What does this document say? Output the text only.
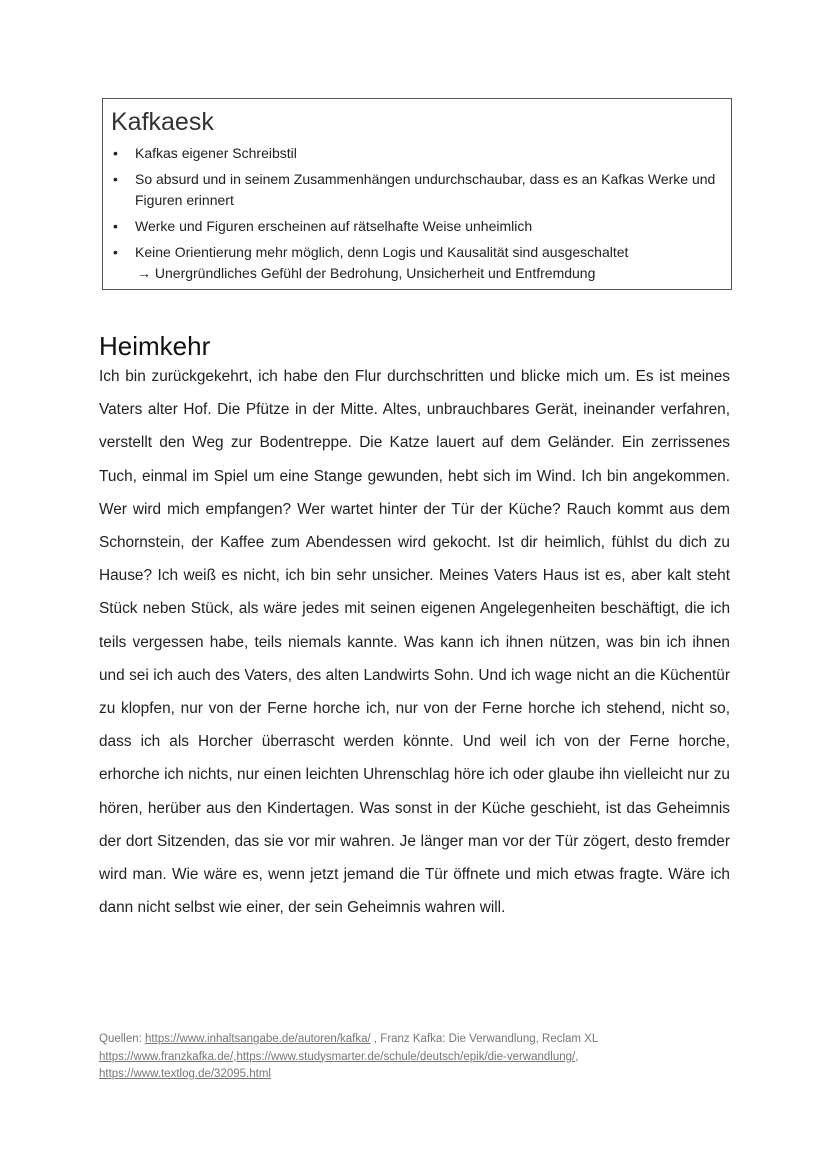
Kafkaesk
• Kafkas eigener Schreibstil
• So absurd und in seinem Zusammenhängen undurchschaubar, dass es an Kafkas Werke und Figuren erinnert
• Werke und Figuren erscheinen auf rätselhafte Weise unheimlich
• Keine Orientierung mehr möglich, denn Logis und Kausalität sind ausgeschaltet
→ Unergründliches Gefühl der Bedrohung, Unsicherheit und Entfremdung
Heimkehr

Ich bin zurückgekehrt, ich habe den Flur durchschritten und blicke mich um. Es ist meines Vaters alter Hof. Die Pfütze in der Mitte. Altes, unbrauchbares Gerät, ineinander verfahren, verstellt den Weg zur Bodentreppe. Die Katze lauert auf dem Geländer. Ein zerrissenes Tuch, einmal im Spiel um eine Stange gewunden, hebt sich im Wind. Ich bin angekommen. Wer wird mich empfangen? Wer wartet hinter der Tür der Küche? Rauch kommt aus dem Schornstein, der Kaffee zum Abendessen wird gekocht. Ist dir heimlich, fühlst du dich zu Hause? Ich weiß es nicht, ich bin sehr unsicher. Meines Vaters Haus ist es, aber kalt steht Stück neben Stück, als wäre jedes mit seinen eigenen Angelegenheiten beschäftigt, die ich teils vergessen habe, teils niemals kannte. Was kann ich ihnen nützen, was bin ich ihnen und sei ich auch des Vaters, des alten Landwirts Sohn. Und ich wage nicht an die Küchentür zu klopfen, nur von der Ferne horche ich, nur von der Ferne horche ich stehend, nicht so, dass ich als Horcher überrascht werden könnte. Und weil ich von der Ferne horche, erhorche ich nichts, nur einen leichten Uhrenschlag höre ich oder glaube ihn vielleicht nur zu hören, herüber aus den Kindertagen. Was sonst in der Küche geschieht, ist das Geheimnis der dort Sitzenden, das sie vor mir wahren. Je länger man vor der Tür zögert, desto fremder wird man. Wie wäre es, wenn jetzt jemand die Tür öffnete und mich etwas fragte. Wäre ich dann nicht selbst wie einer, der sein Geheimnis wahren will.

Quellen: https://www.inhaltsangabe.de/autoren/kafka/ , Franz Kafka: Die Verwandlung, Reclam XL
https://www.franzkafka.de/,https://www.studysmarter.de/schule/deutsch/epik/die-verwandlung/,
https://www.textlog.de/32095.html
